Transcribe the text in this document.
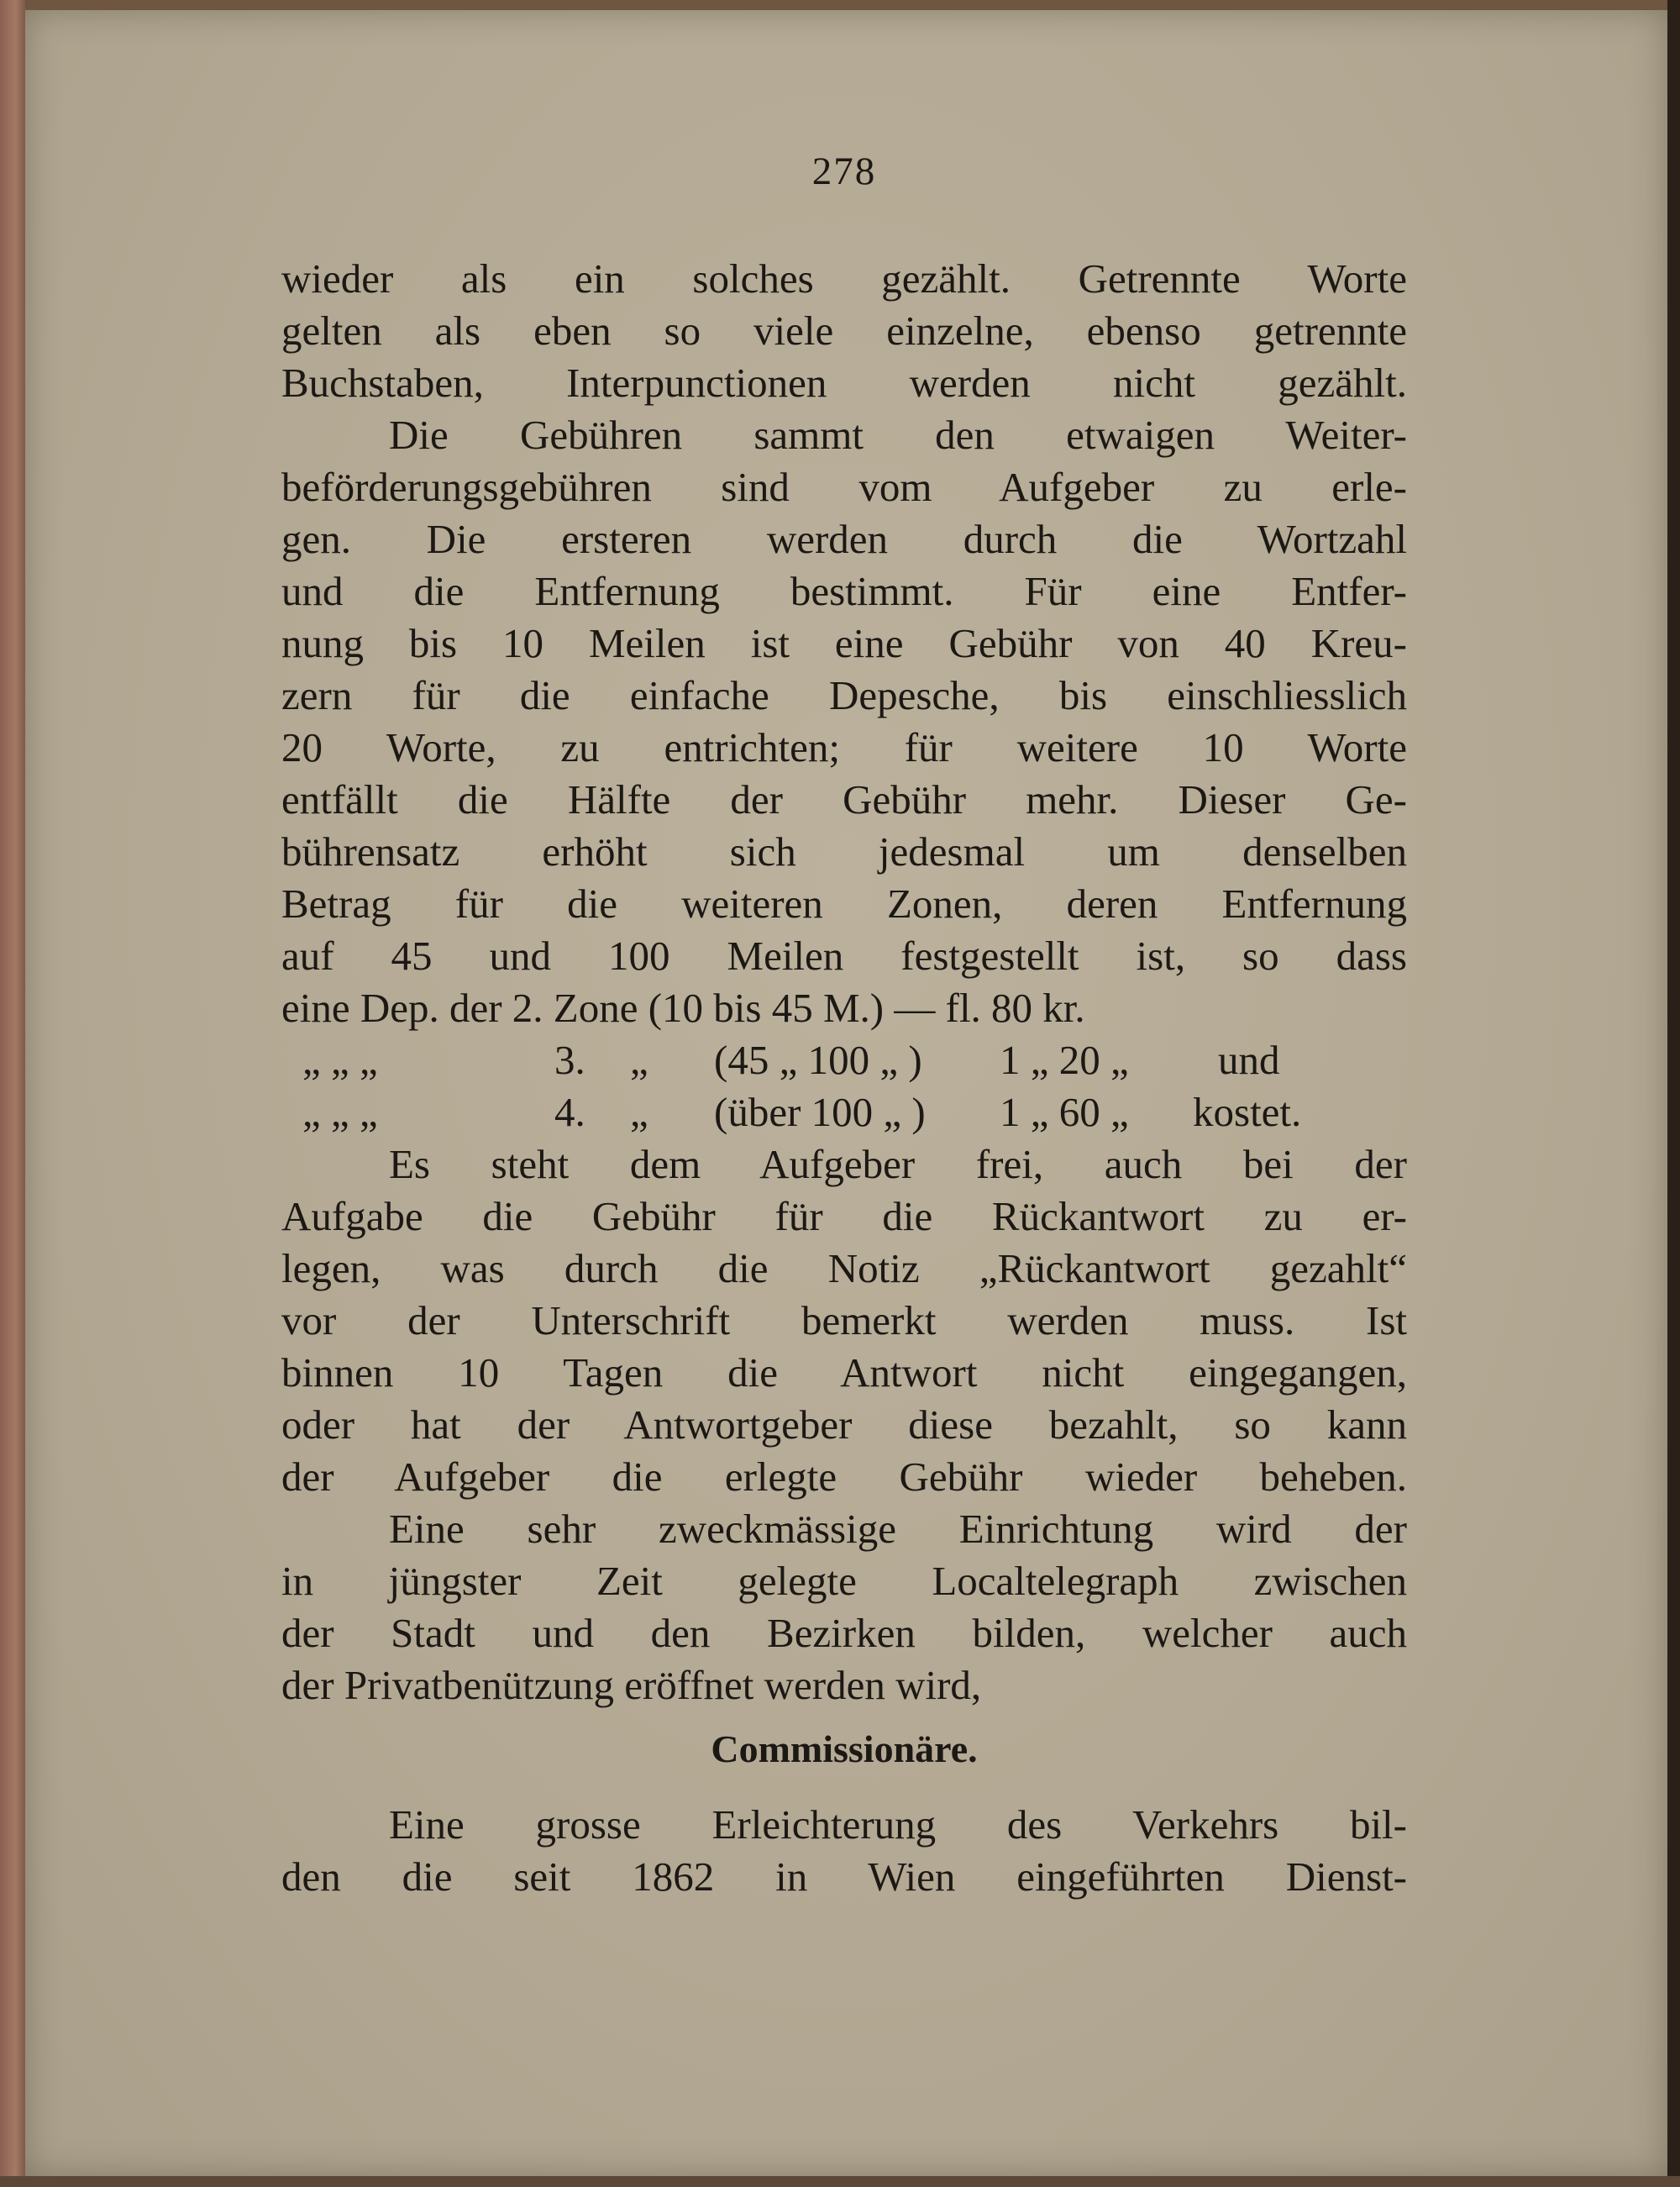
278
wieder als ein solches gezählt. Getrennte Worte
gelten als eben so viele einzelne, ebenso getrennte
Buchstaben, Interpunctionen werden nicht gezählt.
Die Gebühren sammt den etwaigen Weiter-
beförderungsgebühren sind vom Aufgeber zu erle-
gen. Die ersteren werden durch die Wortzahl
und die Entfernung bestimmt. Für eine Entfer-
nung bis 10 Meilen ist eine Gebühr von 40 Kreu-
zern für die einfache Depesche, bis einschliesslich
20 Worte, zu entrichten; für weitere 10 Worte
entfällt die Hälfte der Gebühr mehr. Dieser Ge-
bührensatz erhöht sich jedesmal um denselben
Betrag für die weiteren Zonen, deren Entfernung
auf 45 und 100 Meilen festgestellt ist, so dass
eine Dep. der 2. Zone (10 bis 45 M.) — fl. 80 kr.
„ „ „	3. „ (45 „ 100 „ ) 1 „ 20 „ und
„ „ „	4. „ (über 100 „ ) 1 „ 60 „ kostet.
Es steht dem Aufgeber frei, auch bei der
Aufgabe die Gebühr für die Rückantwort zu er-
legen, was durch die Notiz „Rückantwort gezahlt“
vor der Unterschrift bemerkt werden muss. Ist
binnen 10 Tagen die Antwort nicht eingegangen,
oder hat der Antwortgeber diese bezahlt, so kann
der Aufgeber die erlegte Gebühr wieder beheben.
Eine sehr zweckmässige Einrichtung wird der
in jüngster Zeit gelegte Localtelegraph zwischen
der Stadt und den Bezirken bilden, welcher auch
der Privatbenützung eröffnet werden wird,
Commissionäre.
Eine grosse Erleichterung des Verkehrs bil-
den die seit 1862 in Wien eingeführten Dienst-
